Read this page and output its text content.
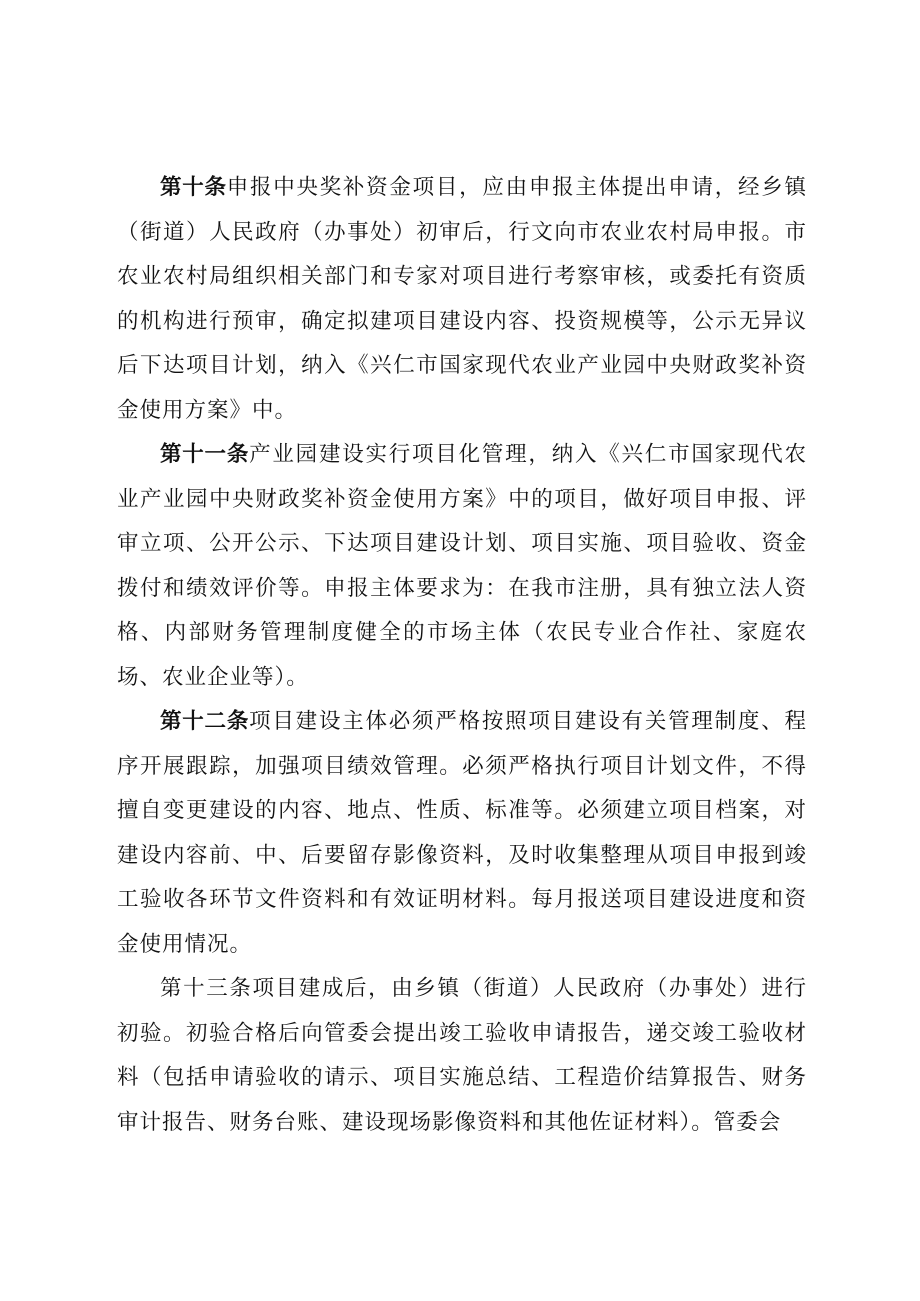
第十条申报中央奖补资金项目，应由申报主体提出申请，经乡镇（街道）人民政府（办事处）初审后，行文向市农业农村局申报。市农业农村局组织相关部门和专家对项目进行考察审核，或委托有资质的机构进行预审，确定拟建项目建设内容、投资规模等，公示无异议后下达项目计划，纳入《兴仁市国家现代农业产业园中央财政奖补资金使用方案》中。

第十一条产业园建设实行项目化管理，纳入《兴仁市国家现代农业产业园中央财政奖补资金使用方案》中的项目，做好项目申报、评审立项、公开公示、下达项目建设计划、项目实施、项目验收、资金拨付和绩效评价等。申报主体要求为：在我市注册，具有独立法人资格、内部财务管理制度健全的市场主体（农民专业合作社、家庭农场、农业企业等）。

第十二条项目建设主体必须严格按照项目建设有关管理制度、程序开展跟踪，加强项目绩效管理。必须严格执行项目计划文件，不得擅自变更建设的内容、地点、性质、标准等。必须建立项目档案，对建设内容前、中、后要留存影像资料，及时收集整理从项目申报到竣工验收各环节文件资料和有效证明材料。每月报送项目建设进度和资金使用情况。

第十三条项目建成后，由乡镇（街道）人民政府（办事处）进行初验。初验合格后向管委会提出竣工验收申请报告，递交竣工验收材料（包括申请验收的请示、项目实施总结、工程造价结算报告、财务审计报告、财务台账、建设现场影像资料和其他佐证材料）。管委会
